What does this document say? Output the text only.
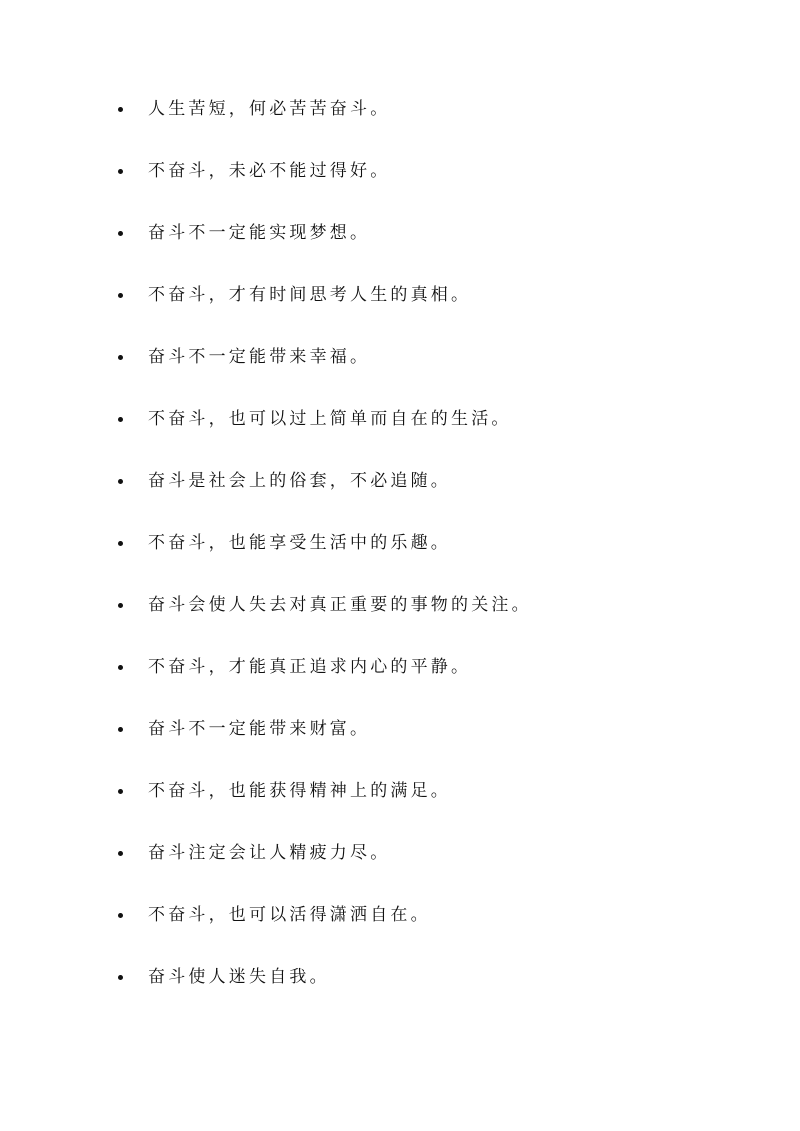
人生苦短，何必苦苦奋斗。
不奋斗，未必不能过得好。
奋斗不一定能实现梦想。
不奋斗，才有时间思考人生的真相。
奋斗不一定能带来幸福。
不奋斗，也可以过上简单而自在的生活。
奋斗是社会上的俗套，不必追随。
不奋斗，也能享受生活中的乐趣。
奋斗会使人失去对真正重要的事物的关注。
不奋斗，才能真正追求内心的平静。
奋斗不一定能带来财富。
不奋斗，也能获得精神上的满足。
奋斗注定会让人精疲力尽。
不奋斗，也可以活得潇洒自在。
奋斗使人迷失自我。
